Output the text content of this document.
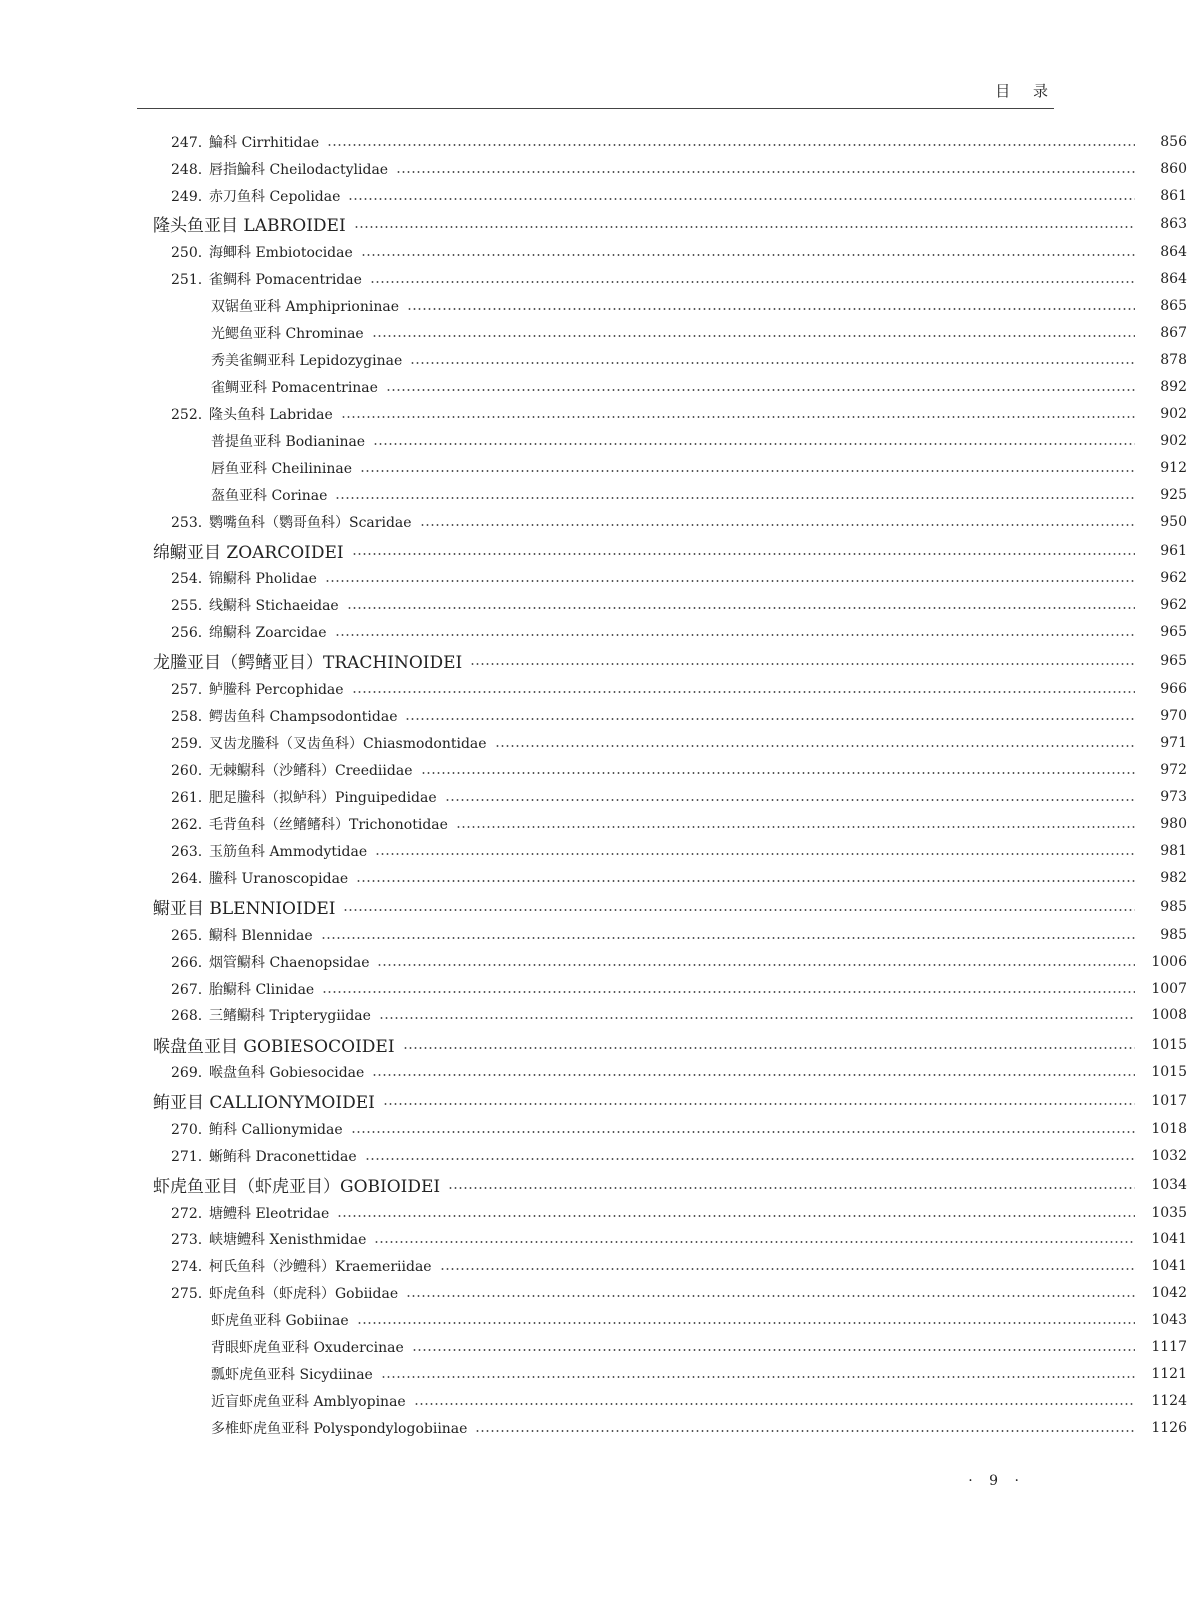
目 录
247. 鯩科 Cirrhitidae	856
248. 唇指鯩科 Cheilodactylidae	860
249. 赤刀鱼科 Cepolidae	861
隆头鱼亚目 LABROIDEI	863
250. 海鲫科 Embiotocidae	864
251. 雀鲷科 Pomacentridae	864
双锯鱼亚科 Amphiprioninae	865
光鳃鱼亚科 Chrominae	867
秀美雀鲷亚科 Lepidozyginae	878
雀鲷亚科 Pomacentrinae	892
252. 隆头鱼科 Labridae	902
普提鱼亚科 Bodianinae	902
唇鱼亚科 Cheilininae	912
盔鱼亚科 Corinae	925
253. 鹦嘴鱼科（鹦哥鱼科）Scaridae	950
绵鳚亚目 ZOARCOIDEI	961
254. 锦鳚科 Pholidae	962
255. 线鳚科 Stichaeidae	962
256. 绵鳚科 Zoarcidae	965
龙䲢亚目（鳄鳍亚目）TRACHINOIDEI	965
257. 鲈䲢科 Percophidae	966
258. 鳄齿鱼科 Champsodontidae	970
259. 叉齿龙䲢科（叉齿鱼科）Chiasmodontidae	971
260. 无棘鳚科（沙鳍科）Creediidae	972
261. 肥足䲢科（拟鲈科）Pinguipedidae	973
262. 毛背鱼科（丝鳍鳍科）Trichonotidae	980
263. 玉筋鱼科 Ammodytidae	981
264. 䲢科 Uranoscopidae	982
鳚亚目 BLENNIOIDEI	985
265. 鳚科 Blennidae	985
266. 烟管鳚科 Chaenopsidae	1006
267. 胎鳚科 Clinidae	1007
268. 三鳍鳚科 Tripterygiidae	1008
喉盘鱼亚目 GOBIESOCOIDEI	1015
269. 喉盘鱼科 Gobiesocidae	1015
鲔亚目 CALLIONYMOIDEI	1017
270. 鲔科 Callionymidae	1018
271. 蜥鲔科 Draconettidae	1032
虾虎鱼亚目（虾虎亚目）GOBIOIDEI	1034
272. 塘鳢科 Eleotridae	1035
273. 峡塘鳢科 Xenisthmidae	1041
274. 柯氏鱼科（沙鳢科）Kraemeriidae	1041
275. 虾虎鱼科（虾虎科）Gobiidae	1042
虾虎鱼亚科 Gobiinae	1043
背眼虾虎鱼亚科 Oxudercinae	1117
瓢虾虎鱼亚科 Sicydiinae	1121
近盲虾虎鱼亚科 Amblyopinae	1124
多椎虾虎鱼亚科 Polyspondylogobiinae	1126
· 9 ·
